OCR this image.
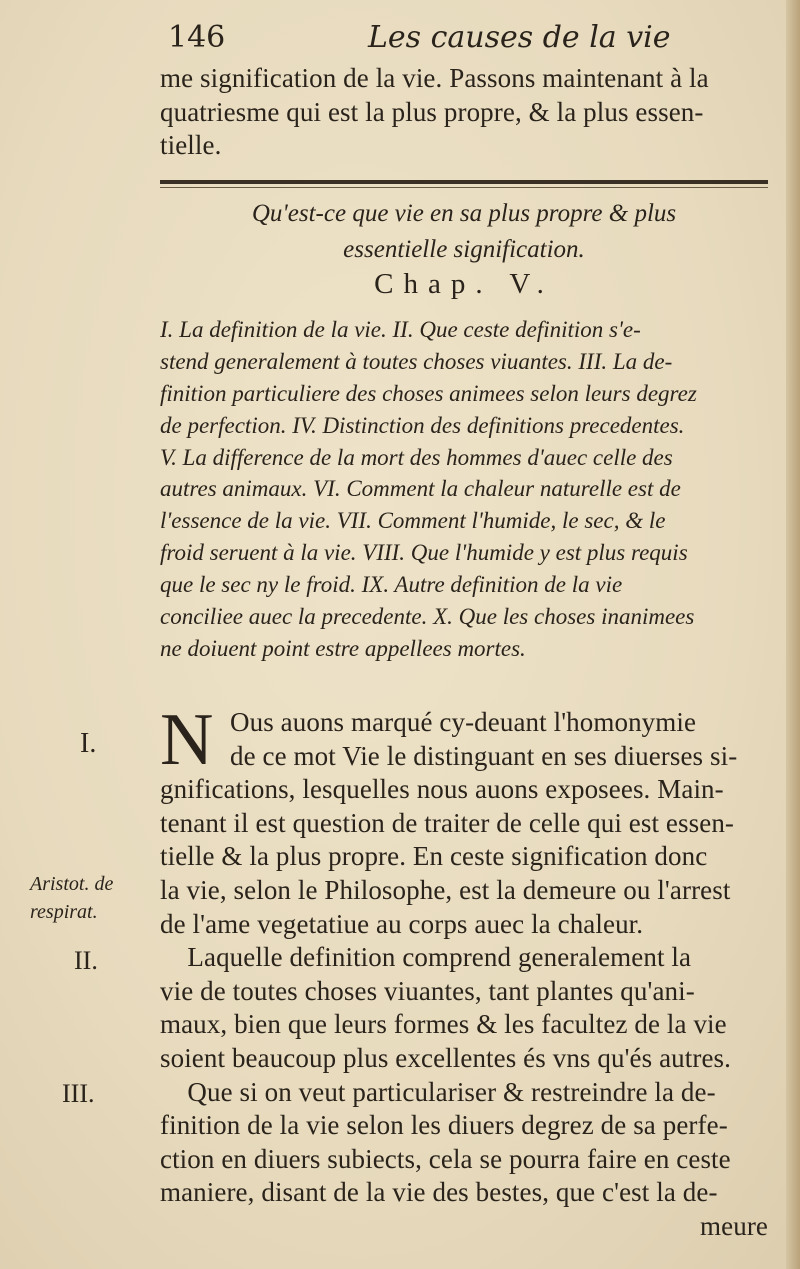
146	Les causes de la vie
me signification de la vie. Passons maintenant à la
quatriesme qui est la plus propre, & la plus essen-
tielle.
Qu'est-ce que vie en sa plus propre & plus
essentielle signification.
Chap. V.
I. La definition de la vie. II. Que ceste definition s'e-
stend generalement à toutes choses viuantes. III. La de-
finition particuliere des choses animees selon leurs degrez
de perfection. IV. Distinction des definitions precedentes.
V. La difference de la mort des hommes d'auec celle des
autres animaux. VI. Comment la chaleur naturelle est de
l'essence de la vie. VII. Comment l'humide, le sec, & le
froid seruent à la vie. VIII. Que l'humide y est plus requis
que le sec ny le froid. IX. Autre definition de la vie
conciliee auec la precedente. X. Que les choses inanimees
ne doiuent point estre appellees mortes.
N Ous auons marqué cy-deuant l'homonymie
de ce mot Vie le distinguant en ses diuerses si-
gnifications, lesquelles nous auons exposees. Main-
tenant il est question de traiter de celle qui est essen-
tielle & la plus propre. En ceste signification donc
la vie, selon le Philosophe, est la demeure ou l'arrest
de l'ame vegetatiue au corps auec la chaleur.
Laquelle definition comprend generalement la
vie de toutes choses viuantes, tant plantes qu'ani-
maux, bien que leurs formes & les facultez de la vie
soient beaucoup plus excellentes és vns qu'és autres.
Que si on veut particulariser & restreindre la de-
finition de la vie selon les diuers degrez de sa perfe-
ction en diuers subiects, cela se pourra faire en ceste
maniere, disant de la vie des bestes, que c'est la de-
meure
I.
Aristot. de
respirat.
II.
III.
